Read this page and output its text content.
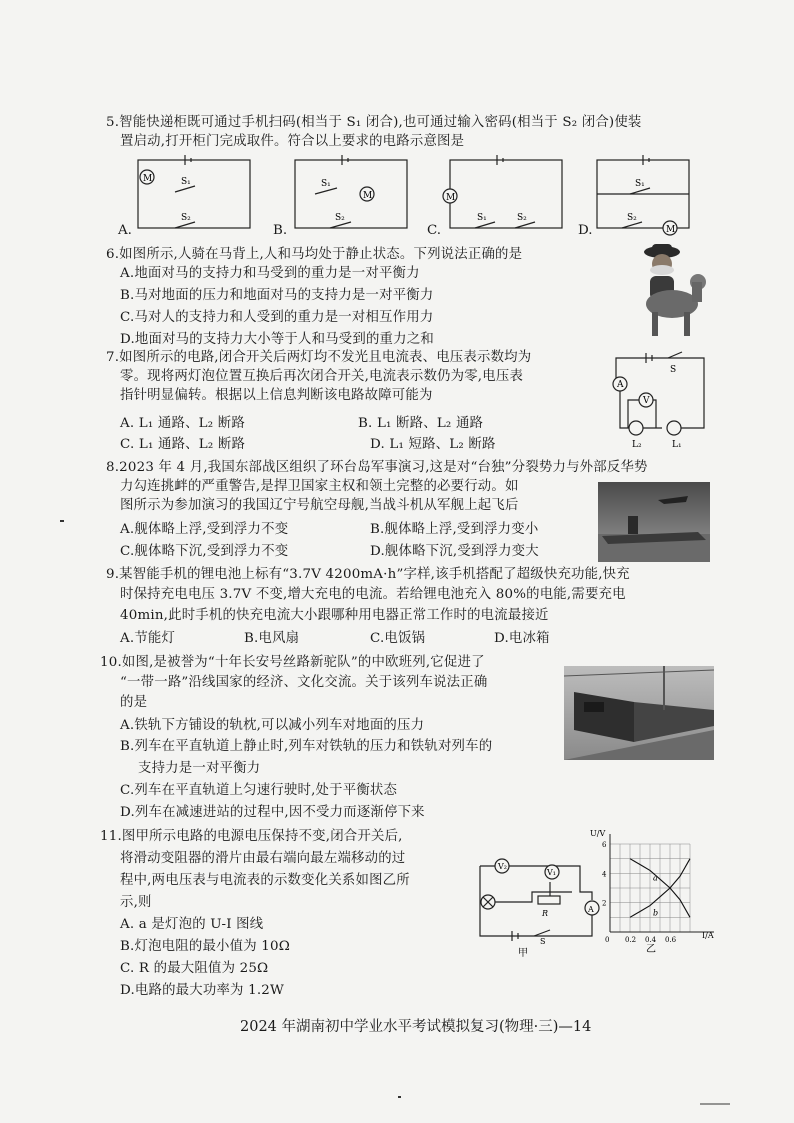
5.智能快递柜既可通过手机扫码(相当于 S₁ 闭合),也可通过输入密码(相当于 S₂ 闭合)使装
置启动,打开柜门完成取件。符合以上要求的电路示意图是
M
M	M
M
S₁
S₂
S₁
S₂	S₁	S₂
S₁
S₂
A.	B.	C.	D.
6.如图所示,人骑在马背上,人和马均处于静止状态。下列说法正确的是
A.地面对马的支持力和马受到的重力是一对平衡力
B.马对地面的压力和地面对马的支持力是一对平衡力
C.马对人的支持力和人受到的重力是一对相互作用力
D.地面对马的支持力大小等于人和马受到的重力之和
7.如图所示的电路,闭合开关后两灯均不发光且电流表、电压表示数均为
零。现将两灯泡位置互换后再次闭合开关,电流表示数仍为零,电压表
指针明显偏转。根据以上信息判断该电路故障可能为
A. L₁ 通路、L₂ 断路	B. L₁ 断路、L₂ 通路
C. L₁ 通路、L₂ 断路	D. L₁ 短路、L₂ 断路
A
V
S
L₂	L₁
8.2023 年 4 月,我国东部战区组织了环台岛军事演习,这是对“台独”分裂势力与外部反华势
力勾连挑衅的严重警告,是捍卫国家主权和领土完整的必要行动。如
图所示为参加演习的我国辽宁号航空母舰,当战斗机从军舰上起飞后
A.舰体略上浮,受到浮力不变	B.舰体略上浮,受到浮力变小
C.舰体略下沉,受到浮力不变	D.舰体略下沉,受到浮力变大
9.某智能手机的锂电池上标有“3.7V 4200mA·h”字样,该手机搭配了超级快充功能,快充
时保持充电电压 3.7V 不变,增大充电的电流。若给锂电池充入 80%的电能,需要充电
40min,此时手机的快充电流大小跟哪种用电器正常工作时的电流最接近
A.节能灯	B.电风扇	C.电饭锅	D.电冰箱
10.如图,是被誉为“十年长安号丝路新驼队”的中欧班列,它促进了
“一带一路”沿线国家的经济、文化交流。关于该列车说法正确
的是
A.铁轨下方铺设的轨枕,可以减小列车对地面的压力
B.列车在平直轨道上静止时,列车对铁轨的压力和铁轨对列车的
支持力是一对平衡力
C.列车在平直轨道上匀速行驶时,处于平衡状态
D.列车在减速进站的过程中,因不受力而逐渐停下来
11.图甲所示电路的电源电压保持不变,闭合开关后,
将滑动变阻器的滑片由最右端向最左端移动的过
程中,两电压表与电流表的示数变化关系如图乙所
示,则
A. a 是灯泡的 U-I 图线
B.灯泡电阻的最小值为 10Ω
C. R 的最大阻值为 25Ω
D.电路的最大功率为 1.2W
V₂
V₁
R	A
S
甲
a
b
0 0.2 0.4 0.6
2
4
6
U/V
I/A
乙
2024 年湖南初中学业水平考试模拟复习(物理·三)—14
